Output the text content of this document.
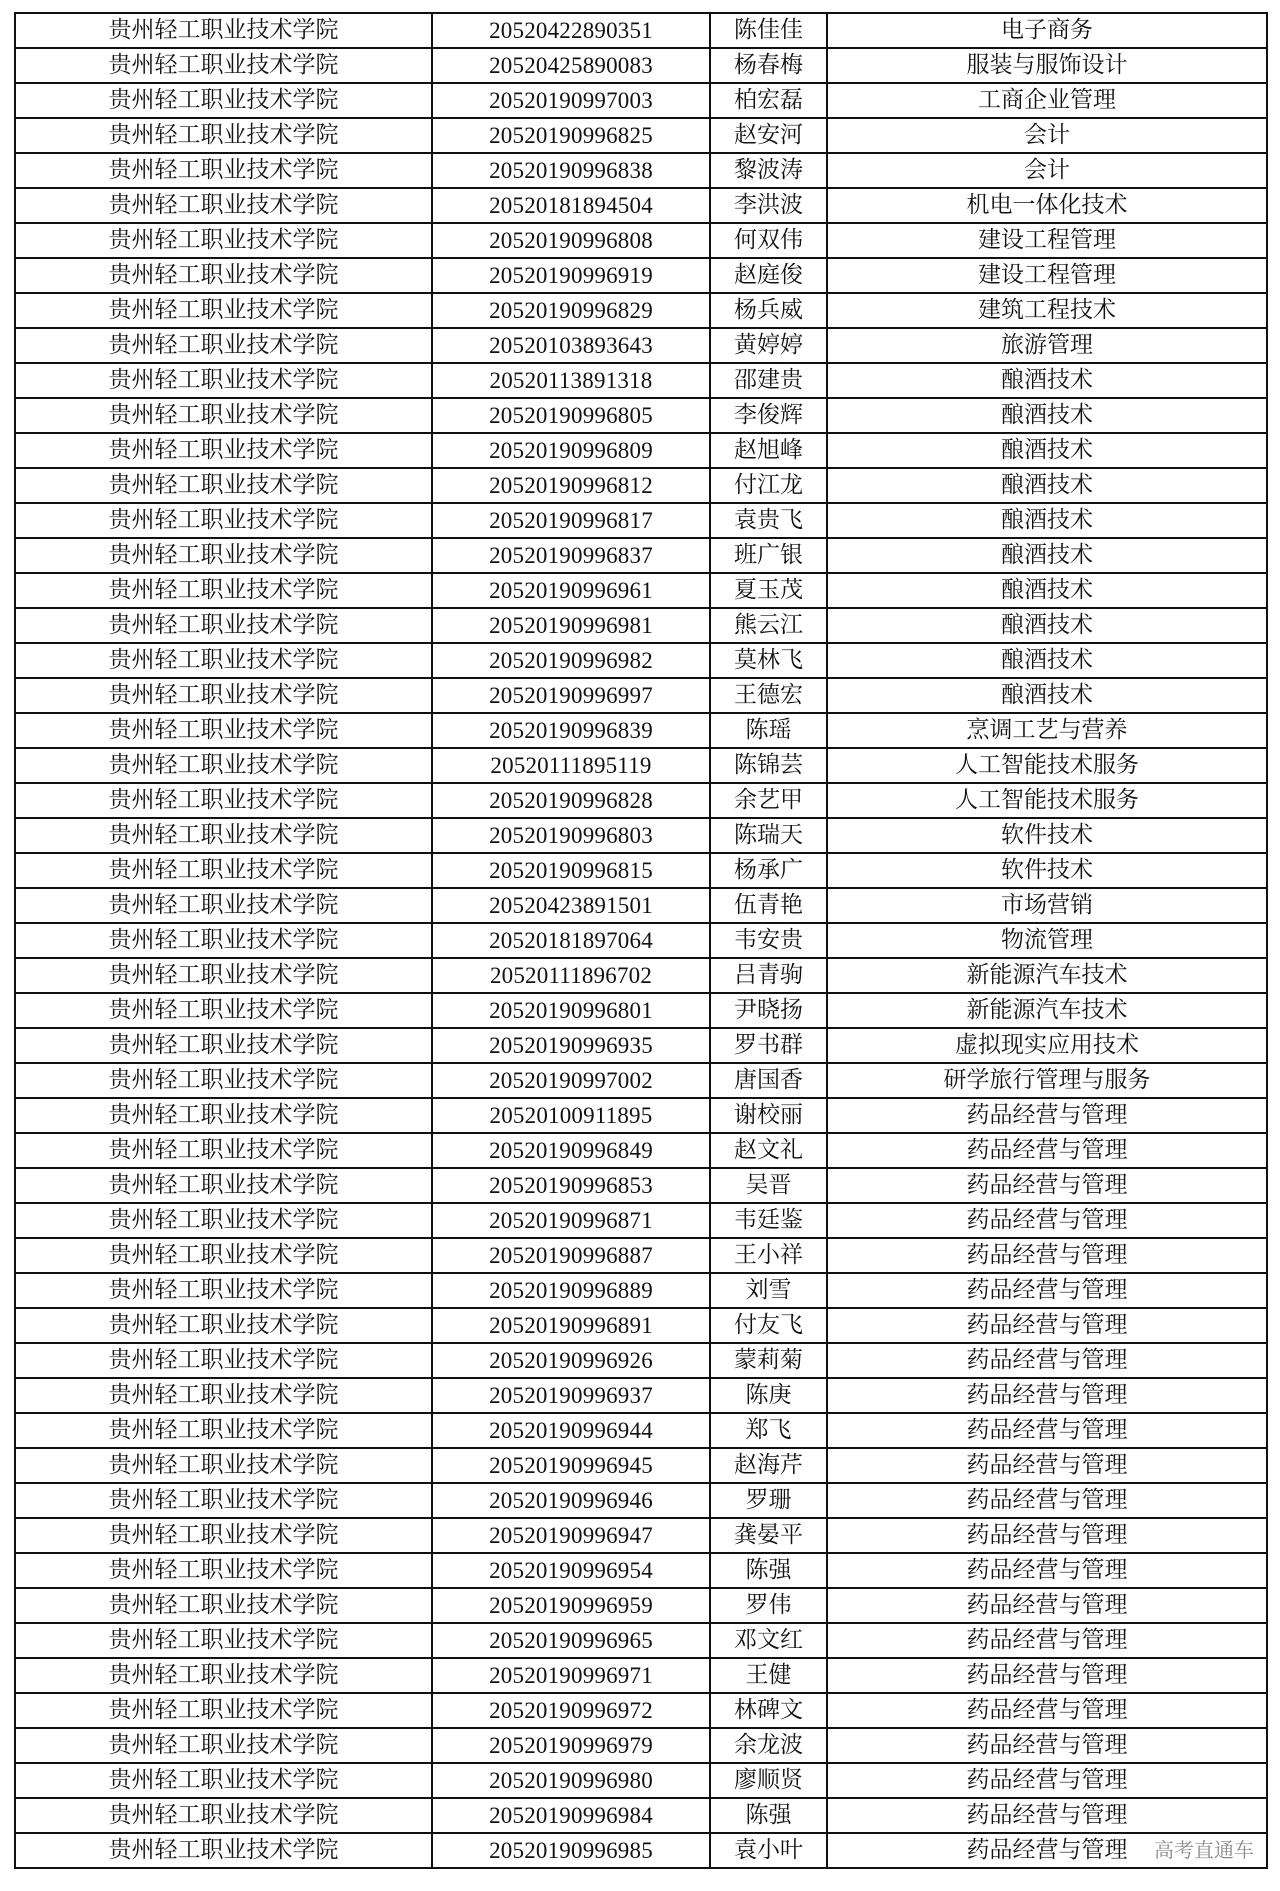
贵州轻工职业技术学院	20520422890351	陈佳佳	电子商务
贵州轻工职业技术学院	20520425890083	杨春梅	服装与服饰设计
贵州轻工职业技术学院	20520190997003	柏宏磊	工商企业管理
贵州轻工职业技术学院	20520190996825	赵安河	会计
贵州轻工职业技术学院	20520190996838	黎波涛	会计
贵州轻工职业技术学院	20520181894504	李洪波	机电一体化技术
贵州轻工职业技术学院	20520190996808	何双伟	建设工程管理
贵州轻工职业技术学院	20520190996919	赵庭俊	建设工程管理
贵州轻工职业技术学院	20520190996829	杨兵威	建筑工程技术
贵州轻工职业技术学院	20520103893643	黄婷婷	旅游管理
贵州轻工职业技术学院	20520113891318	邵建贵	酿酒技术
贵州轻工职业技术学院	20520190996805	李俊辉	酿酒技术
贵州轻工职业技术学院	20520190996809	赵旭峰	酿酒技术
贵州轻工职业技术学院	20520190996812	付江龙	酿酒技术
贵州轻工职业技术学院	20520190996817	袁贵飞	酿酒技术
贵州轻工职业技术学院	20520190996837	班广银	酿酒技术
贵州轻工职业技术学院	20520190996961	夏玉茂	酿酒技术
贵州轻工职业技术学院	20520190996981	熊云江	酿酒技术
贵州轻工职业技术学院	20520190996982	莫林飞	酿酒技术
贵州轻工职业技术学院	20520190996997	王德宏	酿酒技术
贵州轻工职业技术学院	20520190996839	陈瑶	烹调工艺与营养
贵州轻工职业技术学院	20520111895119	陈锦芸	人工智能技术服务
贵州轻工职业技术学院	20520190996828	余艺甲	人工智能技术服务
贵州轻工职业技术学院	20520190996803	陈瑞天	软件技术
贵州轻工职业技术学院	20520190996815	杨承广	软件技术
贵州轻工职业技术学院	20520423891501	伍青艳	市场营销
贵州轻工职业技术学院	20520181897064	韦安贵	物流管理
贵州轻工职业技术学院	20520111896702	吕青驹	新能源汽车技术
贵州轻工职业技术学院	20520190996801	尹晓扬	新能源汽车技术
贵州轻工职业技术学院	20520190996935	罗书群	虚拟现实应用技术
贵州轻工职业技术学院	20520190997002	唐国香	研学旅行管理与服务
贵州轻工职业技术学院	20520100911895	谢校丽	药品经营与管理
贵州轻工职业技术学院	20520190996849	赵文礼	药品经营与管理
贵州轻工职业技术学院	20520190996853	吴晋	药品经营与管理
贵州轻工职业技术学院	20520190996871	韦廷鉴	药品经营与管理
贵州轻工职业技术学院	20520190996887	王小祥	药品经营与管理
贵州轻工职业技术学院	20520190996889	刘雪	药品经营与管理
贵州轻工职业技术学院	20520190996891	付友飞	药品经营与管理
贵州轻工职业技术学院	20520190996926	蒙莉菊	药品经营与管理
贵州轻工职业技术学院	20520190996937	陈庚	药品经营与管理
贵州轻工职业技术学院	20520190996944	郑飞	药品经营与管理
贵州轻工职业技术学院	20520190996945	赵海芹	药品经营与管理
贵州轻工职业技术学院	20520190996946	罗珊	药品经营与管理
贵州轻工职业技术学院	20520190996947	龚晏平	药品经营与管理
贵州轻工职业技术学院	20520190996954	陈强	药品经营与管理
贵州轻工职业技术学院	20520190996959	罗伟	药品经营与管理
贵州轻工职业技术学院	20520190996965	邓文红	药品经营与管理
贵州轻工职业技术学院	20520190996971	王健	药品经营与管理
贵州轻工职业技术学院	20520190996972	林碑文	药品经营与管理
贵州轻工职业技术学院	20520190996979	余龙波	药品经营与管理
贵州轻工职业技术学院	20520190996980	廖顺贤	药品经营与管理
贵州轻工职业技术学院	20520190996984	陈强	药品经营与管理
贵州轻工职业技术学院	20520190996985	袁小叶	药品经营与管理 高考直通车
